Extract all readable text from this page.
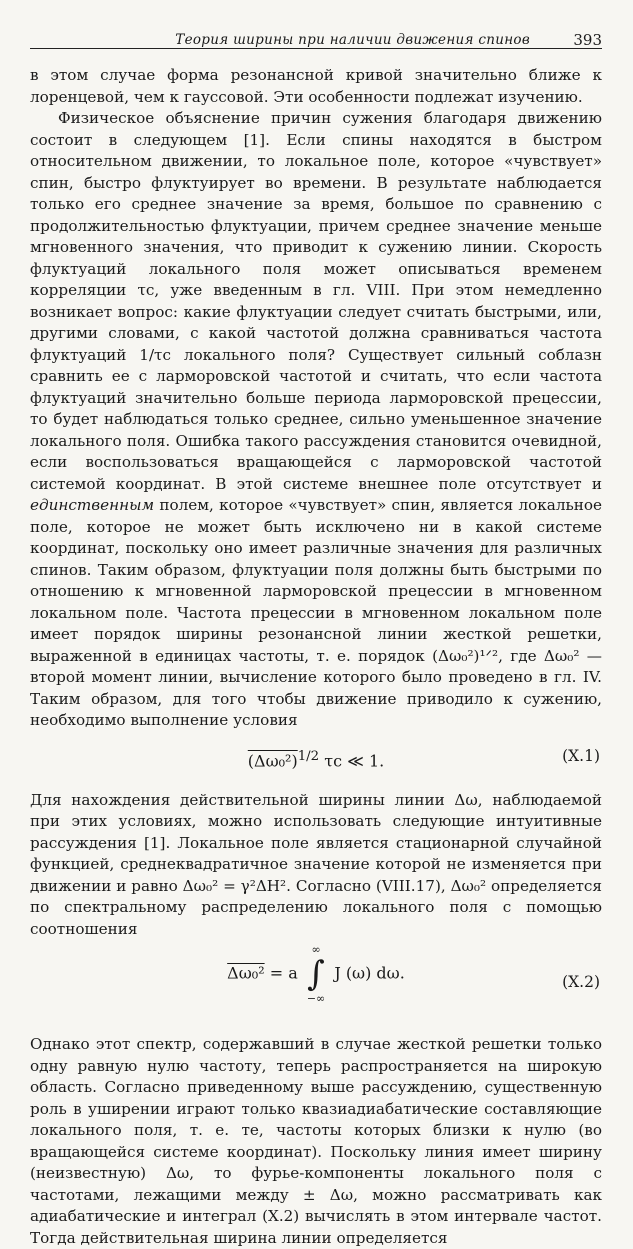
Теория ширины при наличии движения спинов	393

в этом случае форма резонансной кривой значительно ближе к лоренцевой, чем к гауссовой. Эти особенности подлежат изучению.

Физическое объяснение причин сужения благодаря движению состоит в следующем [1]. Если спины находятся в быстром относительном движении, то локальное поле, которое «чувствует» спин, быстро флуктуирует во времени. В результате наблюдается только его среднее значение за время, большое по сравнению с продолжительностью флуктуации, причем среднее значение меньше мгновенного значения, что приводит к сужению линии. Скорость флуктуаций локального поля может описываться временем корреляции τc, уже введенным в гл. VIII. При этом немедленно возникает вопрос: какие флуктуации следует считать быстрыми, или, другими словами, с какой частотой должна сравниваться частота флуктуаций 1/τc локального поля? Существует сильный соблазн сравнить ее с ларморовской частотой и считать, что если частота флуктуаций значительно больше периода ларморовской прецессии, то будет наблюдаться только среднее, сильно уменьшенное значение локального поля. Ошибка такого рассуждения становится очевидной, если воспользоваться вращающейся с ларморовской частотой системой координат. В этой системе внешнее поле отсутствует и единственным полем, которое «чувствует» спин, является локальное поле, которое не может быть исключено ни в какой системе координат, поскольку оно имеет различные значения для различных спинов. Таким образом, флуктуации поля должны быть быстрыми по отношению к мгновенной ларморовской прецессии в мгновенном локальном поле. Частота прецессии в мгновенном локальном поле имеет порядок ширины резонансной линии жесткой решетки, выраженной в единицах частоты, т. е. порядок (Δω₀²)¹ᐟ², где Δω₀² — второй момент линии, вычисление которого было проведено в гл. IV. Таким образом, для того чтобы движение приводило к сужению, необходимо выполнение условия

$(\Delta\omega_0^2)^{1/2}$ τc ≪ 1.	(X.1)

Для нахождения действительной ширины линии Δω, наблюдаемой при этих условиях, можно использовать следующие интуитивные рассуждения [1]. Локальное поле является стационарной случайной функцией, среднеквадратичное значение которой не изменяется при движении и равно Δω₀² = γ²ΔH². Согласно (VIII.17), Δω₀² определяется по спектральному распределению локального поля с помощью соотношения

Δω₀² = a
∞
∫
−∞
J (ω) dω.	(X.2)

Однако этот спектр, содержавший в случае жесткой решетки только одну равную нулю частоту, теперь распространяется на широкую область. Согласно приведенному выше рассуждению, существенную роль в уширении играют только квазиадиабатические составляющие локального поля, т. е. те, частоты которых близки к нулю (во вращающейся системе координат). Поскольку линия имеет ширину (неизвестную) Δω, то фурье-компоненты локального поля с частотами, лежащими между ± Δω, можно рассматривать как адиабатические и интеграл (X.2) вычислять в этом интервале частот. Тогда действительная ширина линии определяется
